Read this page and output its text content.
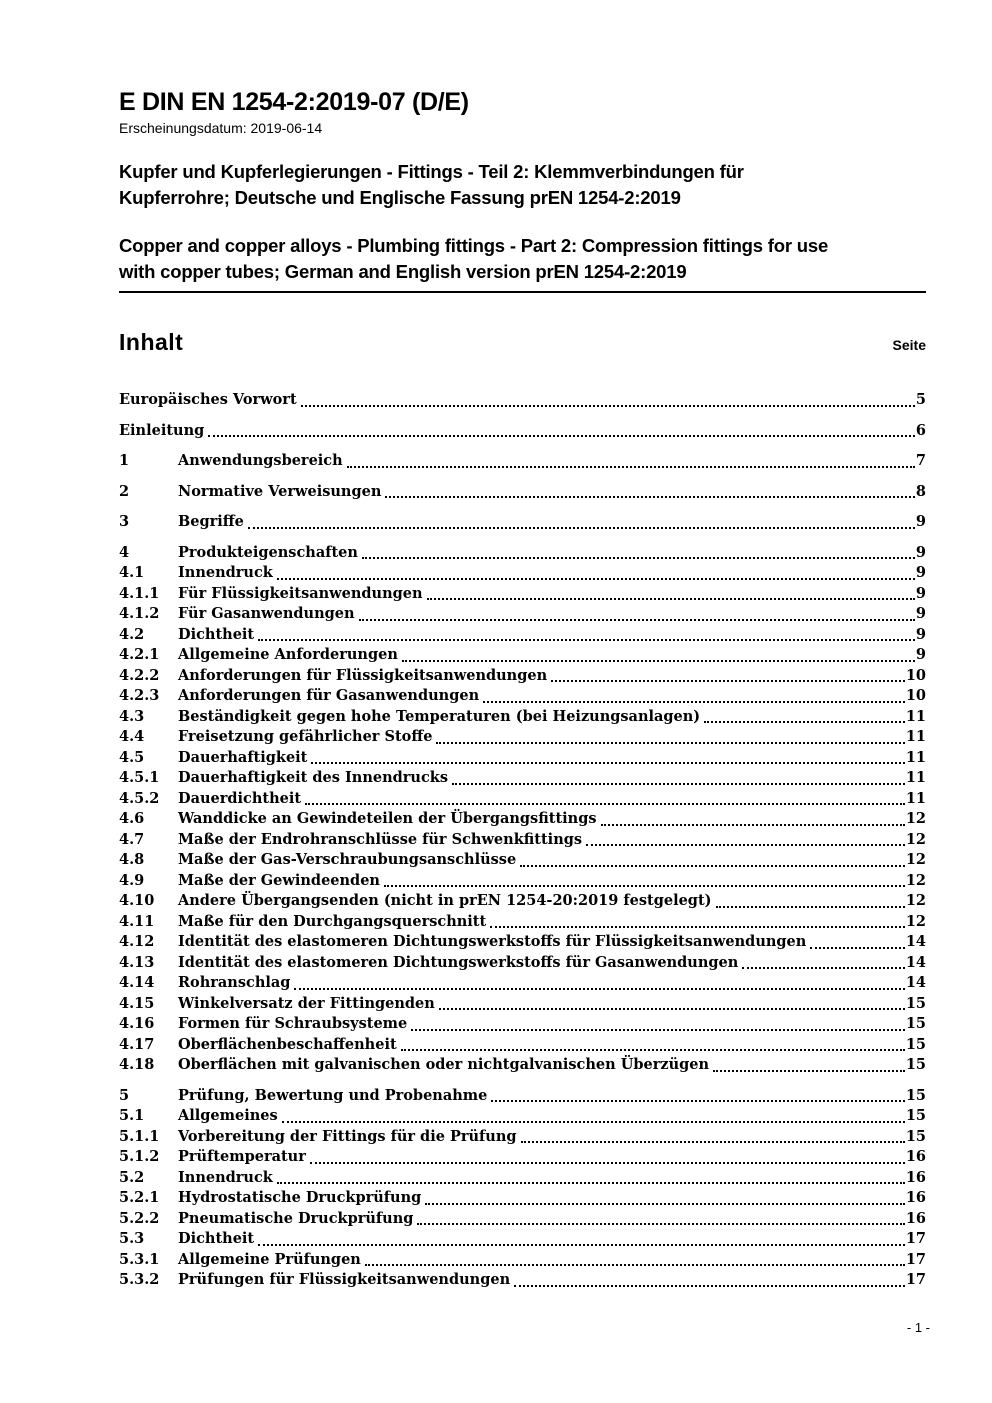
E DIN EN 1254-2:2019-07 (D/E)
Erscheinungsdatum: 2019-06-14
Kupfer und Kupferlegierungen - Fittings - Teil 2: Klemmverbindungen für
Kupferrohre; Deutsche und Englische Fassung prEN 1254-2:2019
Copper and copper alloys - Plumbing fittings - Part 2: Compression fittings for use
with copper tubes; German and English version prEN 1254-2:2019
Inhalt	Seite
Europäisches Vorwort	5
Einleitung	6
1	Anwendungsbereich	7
2	Normative Verweisungen	8
3	Begriffe	9
4	Produkteigenschaften	9
4.1	Innendruck	9
4.1.1	Für Flüssigkeitsanwendungen	9
4.1.2	Für Gasanwendungen	9
4.2	Dichtheit	9
4.2.1	Allgemeine Anforderungen	9
4.2.2	Anforderungen für Flüssigkeitsanwendungen	10
4.2.3	Anforderungen für Gasanwendungen	10
4.3	Beständigkeit gegen hohe Temperaturen (bei Heizungsanlagen)	11
4.4	Freisetzung gefährlicher Stoffe	11
4.5	Dauerhaftigkeit	11
4.5.1	Dauerhaftigkeit des Innendrucks	11
4.5.2	Dauerdichtheit	11
4.6	Wanddicke an Gewindeteilen der Übergangsfittings	12
4.7	Maße der Endrohranschlüsse für Schwenkfittings	12
4.8	Maße der Gas-Verschraubungsanschlüsse	12
4.9	Maße der Gewindeenden	12
4.10	Andere Übergangsenden (nicht in prEN 1254-20:2019 festgelegt)	12
4.11	Maße für den Durchgangsquerschnitt	12
4.12	Identität des elastomeren Dichtungswerkstoffs für Flüssigkeitsanwendungen	14
4.13	Identität des elastomeren Dichtungswerkstoffs für Gasanwendungen	14
4.14	Rohranschlag	14
4.15	Winkelversatz der Fittingenden	15
4.16	Formen für Schraubsysteme	15
4.17	Oberflächenbeschaffenheit	15
4.18	Oberflächen mit galvanischen oder nichtgalvanischen Überzügen	15
5	Prüfung, Bewertung und Probenahme	15
5.1	Allgemeines	15
5.1.1	Vorbereitung der Fittings für die Prüfung	15
5.1.2	Prüftemperatur	16
5.2	Innendruck	16
5.2.1	Hydrostatische Druckprüfung	16
5.2.2	Pneumatische Druckprüfung	16
5.3	Dichtheit	17
5.3.1	Allgemeine Prüfungen	17
5.3.2	Prüfungen für Flüssigkeitsanwendungen	17
- 1 -
